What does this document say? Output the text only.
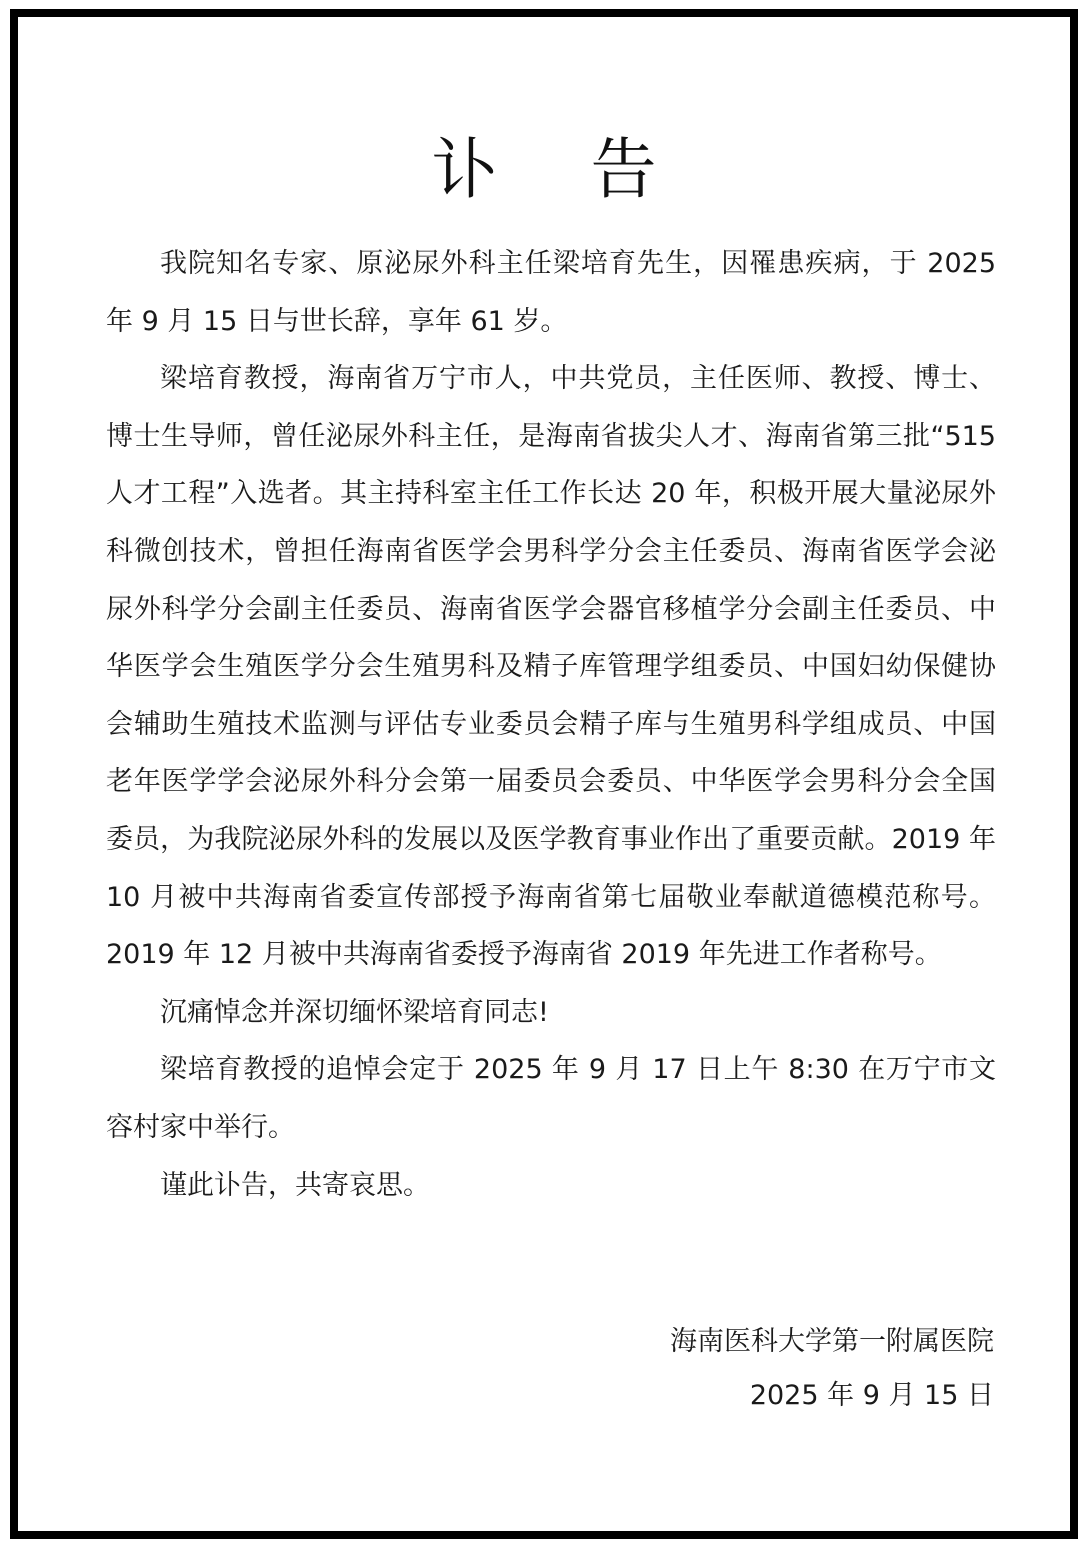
讣 告

我院知名专家、原泌尿外科主任梁培育先生，因罹患疾病，于 2025 年 9 月 15 日与世长辞，享年 61 岁。

梁培育教授，海南省万宁市人，中共党员，主任医师、教授、博士、博士生导师，曾任泌尿外科主任，是海南省拔尖人才、海南省第三批“515 人才工程”入选者。其主持科室主任工作长达 20 年，积极开展大量泌尿外科微创技术，曾担任海南省医学会男科学分会主任委员、海南省医学会泌尿外科学分会副主任委员、海南省医学会器官移植学分会副主任委员、中华医学会生殖医学分会生殖男科及精子库管理学组委员、中国妇幼保健协会辅助生殖技术监测与评估专业委员会精子库与生殖男科学组成员、中国老年医学学会泌尿外科分会第一届委员会委员、中华医学会男科分会全国委员，为我院泌尿外科的发展以及医学教育事业作出了重要贡献。2019 年 10 月被中共海南省委宣传部授予海南省第七届敬业奉献道德模范称号。2019 年 12 月被中共海南省委授予海南省 2019 年先进工作者称号。

沉痛悼念并深切缅怀梁培育同志!

梁培育教授的追悼会定于 2025 年 9 月 17 日上午 8:30 在万宁市文容村家中举行。

谨此讣告，共寄哀思。

海南医科大学第一附属医院
2025 年 9 月 15 日
